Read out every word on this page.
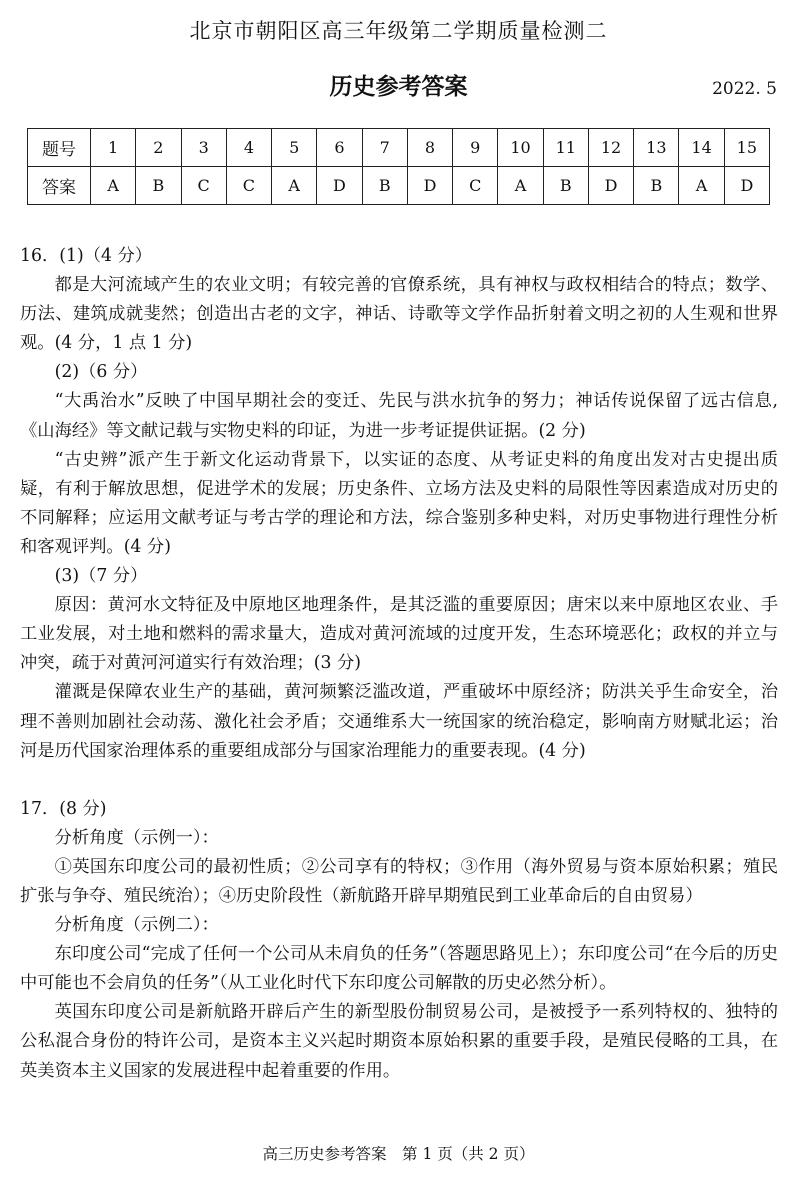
北京市朝阳区高三年级第二学期质量检测二
历史参考答案	2022. 5
题号	1	2	3	4	5	6	7	8	9	10	11	12	13	14	15
答案	A	B	C	C	A	D	B	D	C	A	B	D	B	A	D

16．(1)（4 分）

都是大河流域产生的农业文明；有较完善的官僚系统，具有神权与政权相结合的特点；数学、历法、建筑成就斐然；创造出古老的文字，神话、诗歌等文学作品折射着文明之初的人生观和世界观。(4 分，1 点 1 分)

(2)（6 分）

“大禹治水”反映了中国早期社会的变迁、先民与洪水抗争的努力；神话传说保留了远古信息,《山海经》等文献记载与实物史料的印证，为进一步考证提供证据。(2 分)

“古史辨”派产生于新文化运动背景下，以实证的态度、从考证史料的角度出发对古史提出质疑，有利于解放思想，促进学术的发展；历史条件、立场方法及史料的局限性等因素造成对历史的不同解释；应运用文献考证与考古学的理论和方法，综合鉴别多种史料，对历史事物进行理性分析和客观评判。(4 分)

(3)（7 分）

原因：黄河水文特征及中原地区地理条件，是其泛滥的重要原因；唐宋以来中原地区农业、手工业发展，对土地和燃料的需求量大，造成对黄河流域的过度开发，生态环境恶化；政权的并立与冲突，疏于对黄河河道实行有效治理；(3 分)

灌溉是保障农业生产的基础，黄河频繁泛滥改道，严重破坏中原经济；防洪关乎生命安全，治理不善则加剧社会动荡、激化社会矛盾；交通维系大一统国家的统治稳定，影响南方财赋北运；治河是历代国家治理体系的重要组成部分与国家治理能力的重要表现。(4 分)

17．(8 分)

分析角度（示例一）：

①英国东印度公司的最初性质；②公司享有的特权；③作用（海外贸易与资本原始积累；殖民扩张与争夺、殖民统治）；④历史阶段性（新航路开辟早期殖民到工业革命后的自由贸易）

分析角度（示例二）：

东印度公司“完成了任何一个公司从未肩负的任务”（答题思路见上）；东印度公司“在今后的历史中可能也不会肩负的任务”（从工业化时代下东印度公司解散的历史必然分析）。

英国东印度公司是新航路开辟后产生的新型股份制贸易公司，是被授予一系列特权的、独特的公私混合身份的特许公司，是资本主义兴起时期资本原始积累的重要手段，是殖民侵略的工具，在英美资本主义国家的发展进程中起着重要的作用。

高三历史参考答案　第 1 页（共 2 页）
